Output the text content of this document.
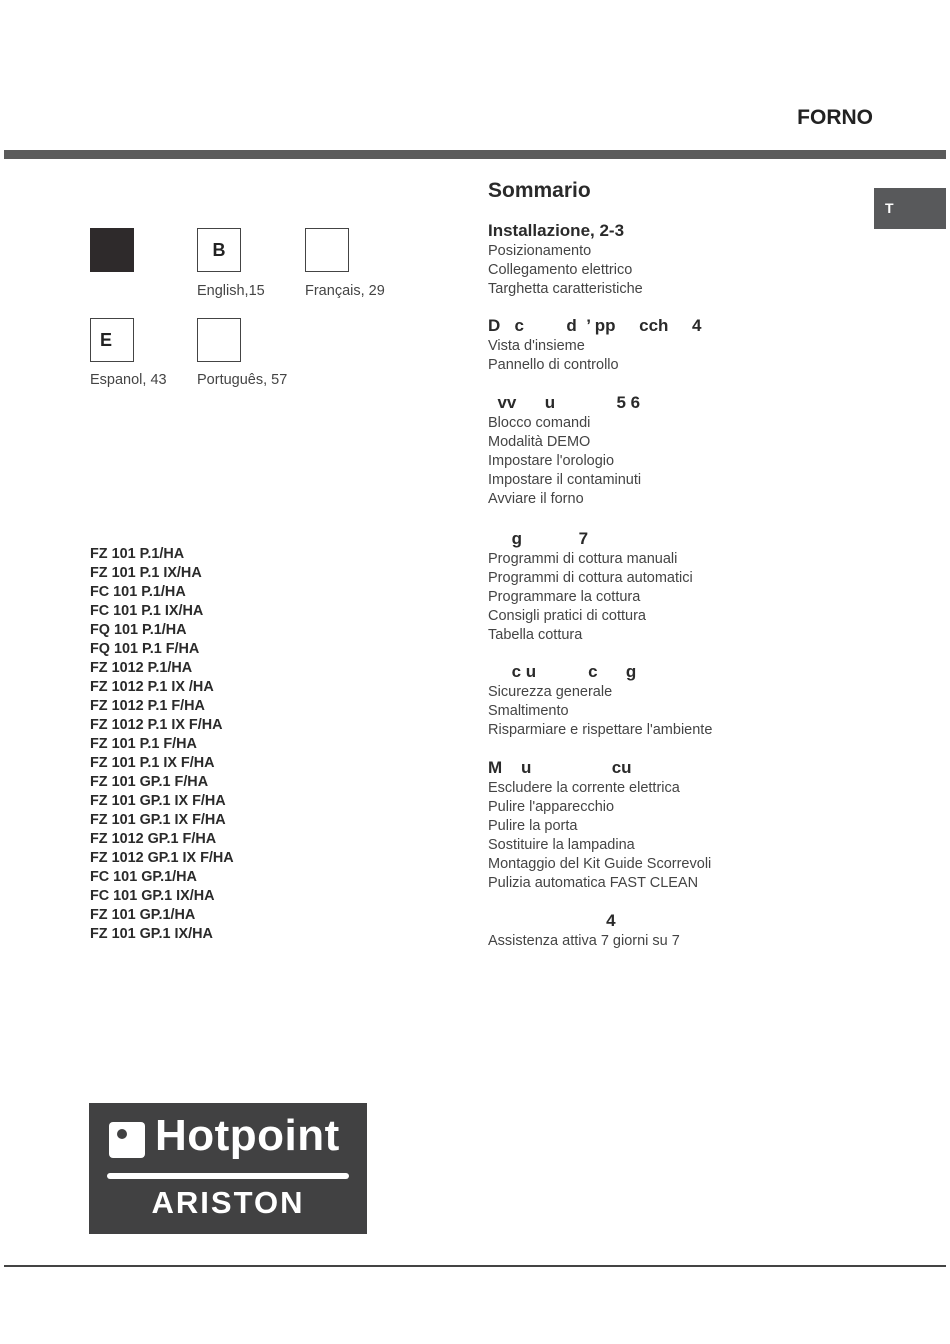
FORNO
T
B
English,15	Français, 29
E
Espanol, 43 Português, 57
FZ 101 P.1/HA
FZ 101 P.1 IX/HA
FC 101 P.1/HA
FC 101 P.1 IX/HA
FQ 101 P.1/HA
FQ 101 P.1 F/HA
FZ 1012 P.1/HA
FZ 1012 P.1 IX /HA
FZ 1012 P.1 F/HA
FZ 1012 P.1 IX F/HA
FZ 101 P.1 F/HA
FZ 101 P.1 IX F/HA
FZ 101 GP.1 F/HA
FZ 101 GP.1 IX F/HA
FZ 101 GP.1 IX F/HA
FZ 1012 GP.1 F/HA
FZ 1012 GP.1 IX F/HA
FC 101 GP.1/HA
FC 101 GP.1 IX/HA
FZ 101 GP.1/HA
FZ 101 GP.1 IX/HA
Sommario
Installazione, 2-3
Posizionamento
Collegamento elettrico
Targhetta caratteristiche
D   c         d  ’ pp     cch     4
Vista d'insieme
Pannello di controllo
vv      u             5 6
Blocco comandi
Modalità DEMO
Impostare l'orologio
Impostare il contaminuti
Avviare il forno
g            7
Programmi di cottura manuali
Programmi di cottura automatici
Programmare la cottura
Consigli pratici di cottura
Tabella cottura
c u           c      g
Sicurezza generale
Smaltimento
Risparmiare e rispettare l'ambiente
M    u                 cu
Escludere la corrente elettrica
Pulire l'apparecchio
Pulire la porta
Sostituire la lampadina
Montaggio del Kit Guide Scorrevoli
Pulizia automatica FAST CLEAN
4
Assistenza attiva 7 giorni su 7
Hotpoint
ARISTON
